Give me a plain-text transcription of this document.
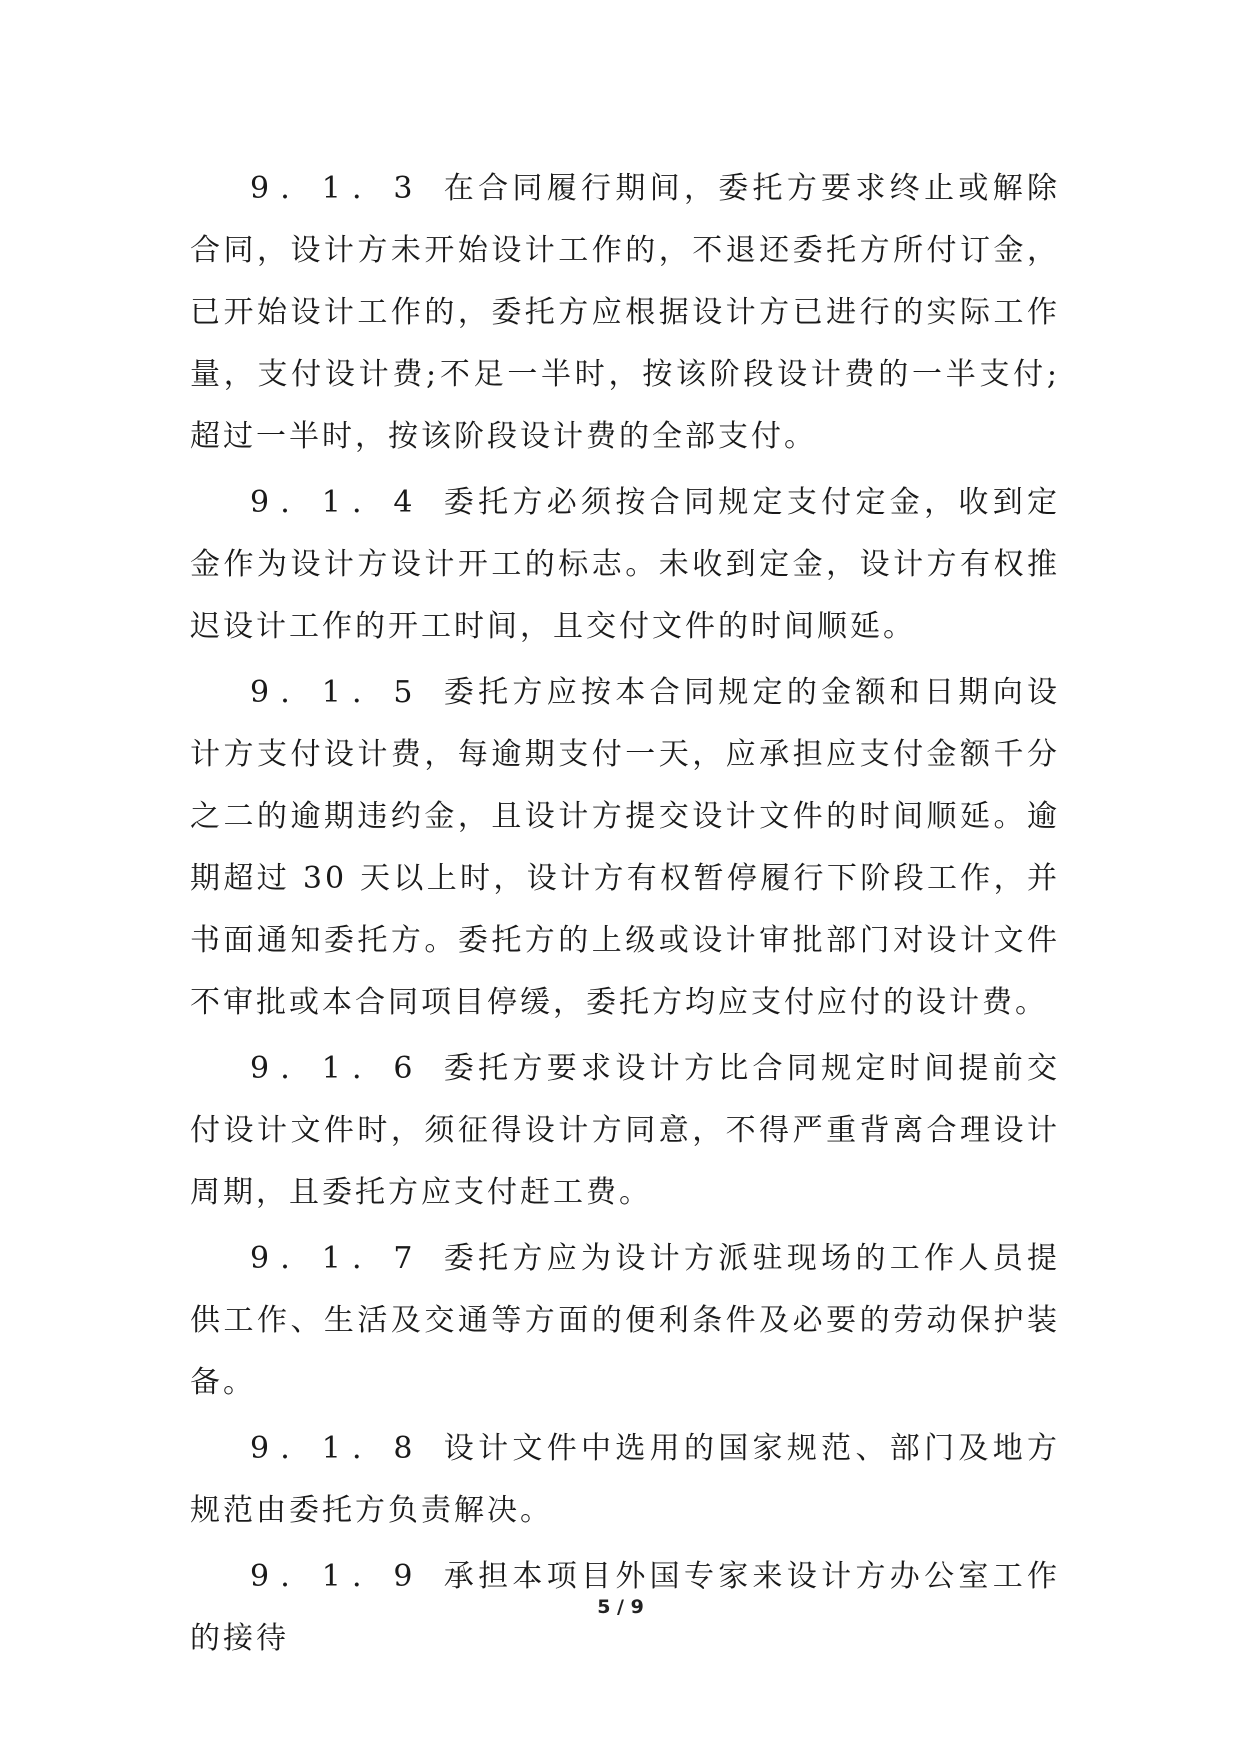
9．1．3 在合同履行期间，委托方要求终止或解除合同，设计方未开始设计工作的，不退还委托方所付订金，已开始设计工作的，委托方应根据设计方已进行的实际工作量，支付设计费;不足一半时，按该阶段设计费的一半支付;超过一半时，按该阶段设计费的全部支付。

9．1．4 委托方必须按合同规定支付定金，收到定金作为设计方设计开工的标志。未收到定金，设计方有权推迟设计工作的开工时间，且交付文件的时间顺延。

9．1．5 委托方应按本合同规定的金额和日期向设计方支付设计费，每逾期支付一天，应承担应支付金额千分之二的逾期违约金，且设计方提交设计文件的时间顺延。逾期超过 30 天以上时，设计方有权暂停履行下阶段工作，并书面通知委托方。委托方的上级或设计审批部门对设计文件不审批或本合同项目停缓，委托方均应支付应付的设计费。

9．1．6 委托方要求设计方比合同规定时间提前交付设计文件时，须征得设计方同意，不得严重背离合理设计周期，且委托方应支付赶工费。

9．1．7 委托方应为设计方派驻现场的工作人员提供工作、生活及交通等方面的便利条件及必要的劳动保护装备。

9．1．8 设计文件中选用的国家规范、部门及地方规范由委托方负责解决。

9．1．9 承担本项目外国专家来设计方办公室工作的接待

5 / 9
